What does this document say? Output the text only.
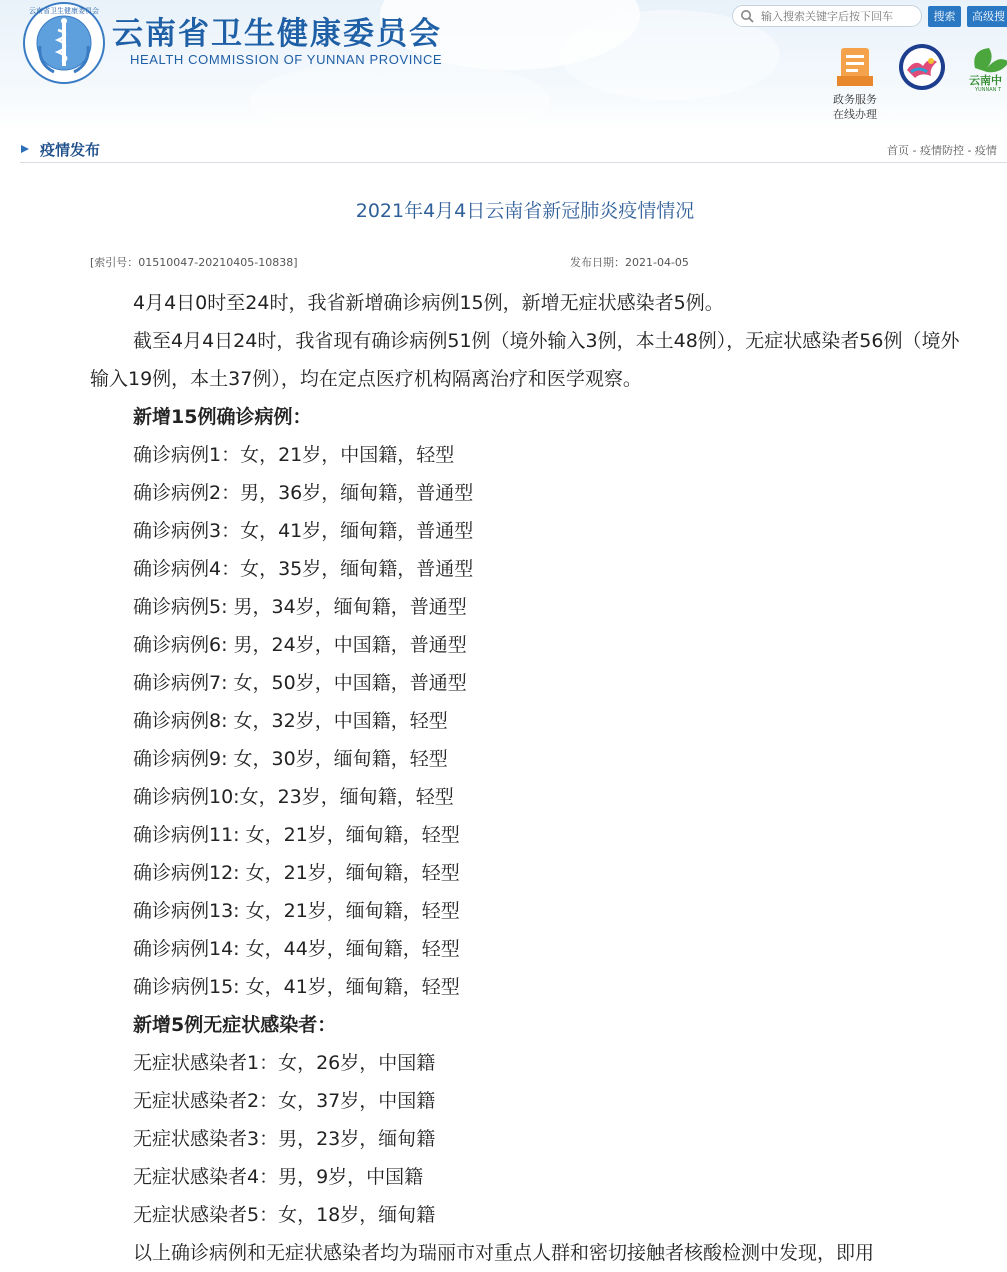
云南省卫生健康委员会
云南省卫生健康委员会
HEALTH COMMISSION OF YUNNAN PROVINCE
输入搜索关键字后按下回车
搜索	高级搜
政务服务
在线办理
云南中
YUNNAN T
疫情发布	首页 - 疫情防控 - 疫情
2021年4月4日云南省新冠肺炎疫情情况
[索引号：01510047-20210405-10838]	发布日期：2021-04-05

4月4日0时至24时，我省新增确诊病例15例，新增无症状感染者5例。

截至4月4日24时，我省现有确诊病例51例（境外输入3例，本土48例），无症状感染者56例（境外输入19例，本土37例），均在定点医疗机构隔离治疗和医学观察。

新增15例确诊病例：

确诊病例1：女，21岁，中国籍，轻型

确诊病例2：男，36岁，缅甸籍，普通型

确诊病例3：女，41岁，缅甸籍，普通型

确诊病例4：女，35岁，缅甸籍，普通型

确诊病例5: 男，34岁，缅甸籍，普通型

确诊病例6: 男，24岁，中国籍，普通型

确诊病例7: 女，50岁，中国籍，普通型

确诊病例8: 女，32岁，中国籍，轻型

确诊病例9: 女，30岁，缅甸籍，轻型

确诊病例10:女，23岁，缅甸籍，轻型

确诊病例11: 女，21岁，缅甸籍，轻型

确诊病例12: 女，21岁，缅甸籍，轻型

确诊病例13: 女，21岁，缅甸籍，轻型

确诊病例14: 女，44岁，缅甸籍，轻型

确诊病例15: 女，41岁，缅甸籍，轻型

新增5例无症状感染者：

无症状感染者1：女，26岁，中国籍

无症状感染者2：女，37岁，中国籍

无症状感染者3：男，23岁，缅甸籍

无症状感染者4：男，9岁，中国籍

无症状感染者5：女，18岁，缅甸籍

以上确诊病例和无症状感染者均为瑞丽市对重点人群和密切接触者核酸检测中发现，即用
